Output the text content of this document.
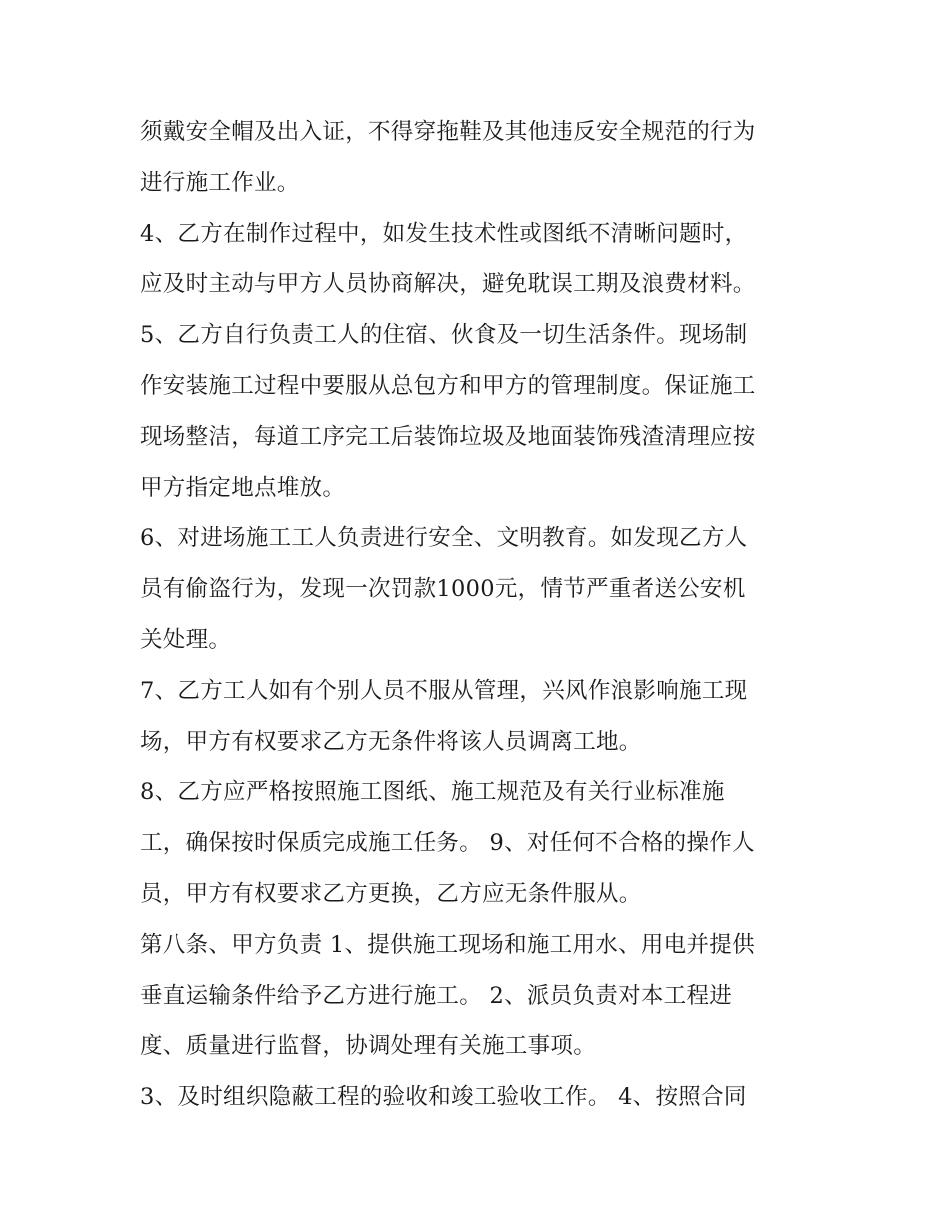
须戴安全帽及出入证，不得穿拖鞋及其他违反安全规范的行为
进行施工作业。
4、乙方在制作过程中，如发生技术性或图纸不清晰问题时，
应及时主动与甲方人员协商解决，避免耽误工期及浪费材料。
5、乙方自行负责工人的住宿、伙食及一切生活条件。现场制
作安装施工过程中要服从总包方和甲方的管理制度。保证施工
现场整洁，每道工序完工后装饰垃圾及地面装饰残渣清理应按
甲方指定地点堆放。
6、对进场施工工人负责进行安全、文明教育。如发现乙方人
员有偷盗行为，发现一次罚款1000元，情节严重者送公安机
关处理。
7、乙方工人如有个别人员不服从管理，兴风作浪影响施工现
场，甲方有权要求乙方无条件将该人员调离工地。
8、乙方应严格按照施工图纸、施工规范及有关行业标准施
工，确保按时保质完成施工任务。 9、对任何不合格的操作人
员，甲方有权要求乙方更换，乙方应无条件服从。
第八条、甲方负责 1、提供施工现场和施工用水、用电并提供
垂直运输条件给予乙方进行施工。 2、派员负责对本工程进
度、质量进行监督，协调处理有关施工事项。
3、及时组织隐蔽工程的验收和竣工验收工作。 4、按照合同
